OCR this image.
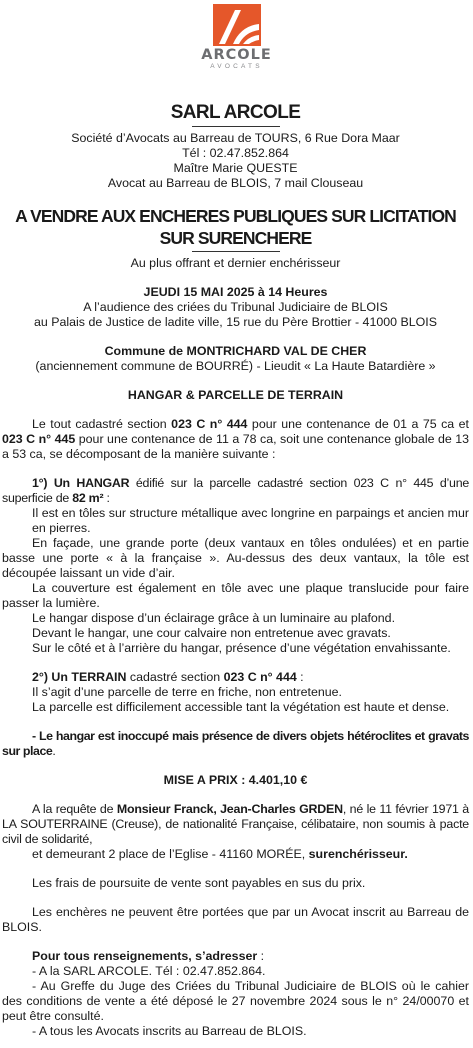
ARCOLE
AVOCATS
SARL ARCOLE

Société d’Avocats au Barreau de TOURS, 6 Rue Dora Maar

Tél : 02.47.852.864

Maître Marie QUESTE

Avocat au Barreau de BLOIS, 7 mail Clouseau

A VENDRE AUX ENCHERES PUBLIQUES SUR LICITATION
SUR SURENCHERE

Au plus offrant et dernier enchérisseur

JEUDI 15 MAI 2025 à 14 Heures

A l’audience des criées du Tribunal Judiciaire de BLOIS

au Palais de Justice de ladite ville, 15 rue du Père Brottier - 41000 BLOIS

Commune de MONTRICHARD VAL DE CHER

(anciennement commune de BOURRÉ) - Lieudit « La Haute Batardière »

HANGAR & PARCELLE DE TERRAIN

Le tout cadastré section 023 C n° 444 pour une contenance de 01 a 75 ca et 023 C n° 445 pour une contenance de 11 a 78 ca, soit une contenance globale de 13 a 53 ca, se décomposant de la manière suivante :

1°) Un HANGAR édifié sur la parcelle cadastré section 023 C n° 445 d’une superficie de 82 m² :

Il est en tôles sur structure métallique avec longrine en parpaings et ancien mur en pierres.

En façade, une grande porte (deux vantaux en tôles ondulées) et en partie basse une porte « à la française ». Au-dessus des deux vantaux, la tôle est découpée laissant un vide d’air.

La couverture est également en tôle avec une plaque translucide pour faire passer la lumière.

Le hangar dispose d’un éclairage grâce à un luminaire au plafond.

Devant le hangar, une cour calvaire non entretenue avec gravats.

Sur le côté et à l’arrière du hangar, présence d’une végétation envahissante.

2°) Un TERRAIN cadastré section 023 C n° 444 :

Il s’agit d’une parcelle de terre en friche, non entretenue.

La parcelle est difficilement accessible tant la végétation est haute et dense.

- Le hangar est inoccupé mais présence de divers objets hétéroclites et gravats sur place.

MISE A PRIX : 4.401,10 €

A la requête de Monsieur Franck, Jean-Charles GRDEN, né le 11 février 1971 à LA SOUTERRAINE (Creuse), de nationalité Française, célibataire, non soumis à pacte civil de solidarité,

et demeurant 2 place de l’Eglise - 41160 MORÉE, surenchérisseur.

Les frais de poursuite de vente sont payables en sus du prix.

Les enchères ne peuvent être portées que par un Avocat inscrit au Barreau de BLOIS.

Pour tous renseignements, s’adresser :

- A la SARL ARCOLE. Tél : 02.47.852.864.

- Au Greffe du Juge des Criées du Tribunal Judiciaire de BLOIS où le cahier des conditions de vente a été déposé le 27 novembre 2024 sous le n° 24/00070 et peut être consulté.

- A tous les Avocats inscrits au Barreau de BLOIS.
